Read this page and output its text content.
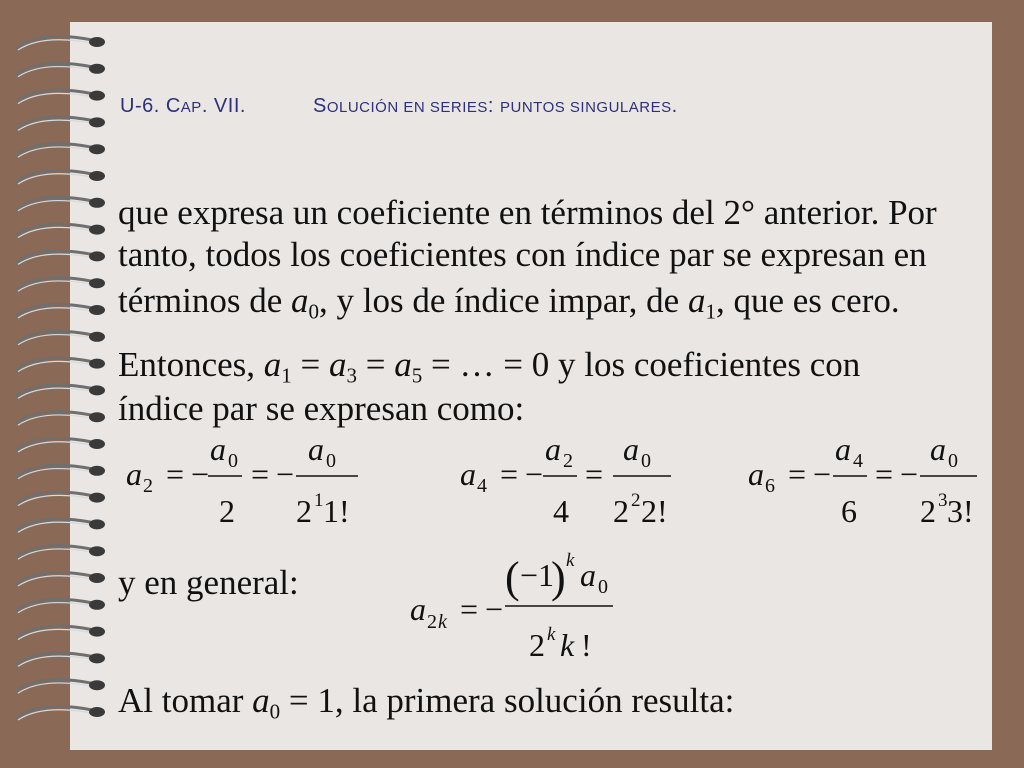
U-6. CAP. VII.	SOLUCIÓN EN SERIES: PUNTOS SINGULARES.
que expresa un coeficiente en términos del 2° anterior. Por
tanto, todos los coeficientes con índice par se expresan en
términos de $a_0$, y los de índice impar, de $a_1$, que es cero.
Entonces, $a_1 = a_3 = a_5$ = … = 0 y los coeficientes con
índice par se expresan como:
a 2 = −
a 0
2
= −
a 0
2 1 1!
a 4 = −
a 2
4
=
a 0
2 2 2!
a 6 = −
a 4
6
= −
a 0
2 3 3!
y en general:
a 2 k = −
( −1
) k a 0
2 k k !
Al tomar $a_0 = 1$, la primera solución resulta:
